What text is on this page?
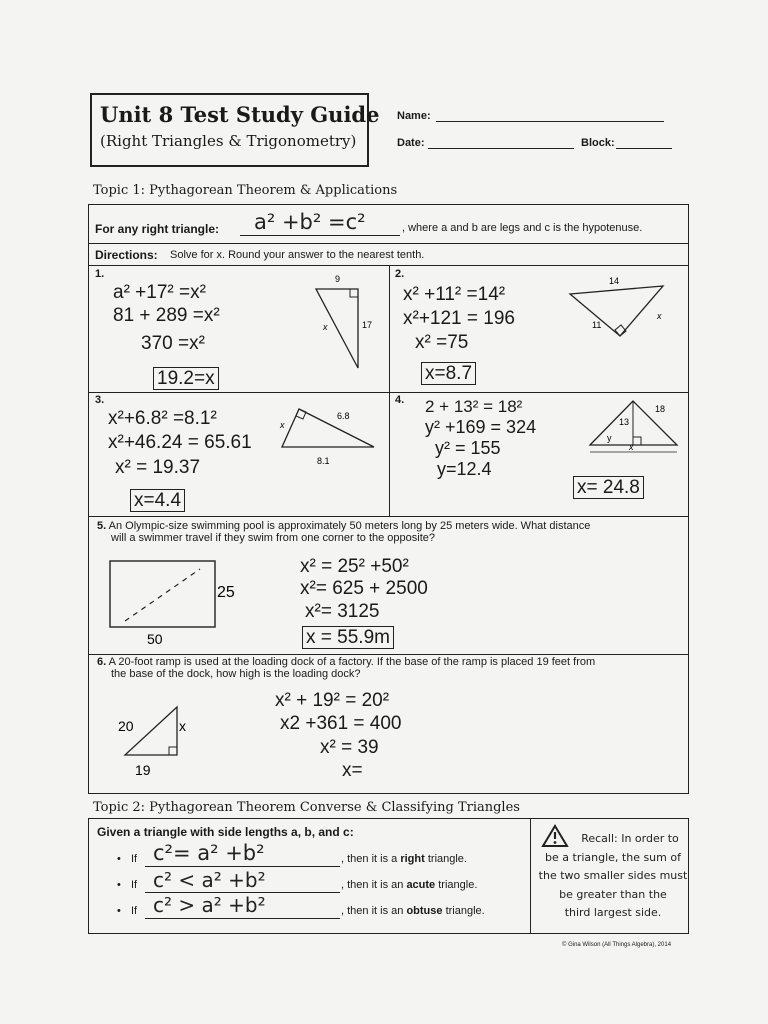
Unit 8 Test Study Guide
(Right Triangles & Trigonometry)
Name:
Date:	Block:
Topic 1: Pythagorean Theorem & Applications
For any right triangle: a² +b² =c²	, where a and b are legs and c is the hypotenuse.
Directions: Solve for x. Round your answer to the nearest tenth.
1.
a² +17² =x²
81 + 289 =x²
370 =x²
19.2=x
9
x	17
2.
x² +11² =14²
x²+121 = 196
x² =75
x=8.7
14
11
x
3.
x²+6.8² =8.1²
x²+46.24 = 65.61
x² = 19.37
x=4.4
x
6.8
8.1
4. 2 + 13² = 18²
y² +169 = 324
y² = 155
y=12.4
x= 24.8
13
18
y
x
5. An Olympic-size swimming pool is approximately 50 meters long by 25 meters wide. What distance
will a swimmer travel if they swim from one corner to the opposite?
25
50
x² = 25² +50²
x²= 625 + 2500
x²= 3125
x = 55.9m
6. A 20-foot ramp is used at the loading dock of a factory. If the base of the ramp is placed 19 feet from
the base of the dock, how high is the loading dock?
20	x
19
x² + 19² = 20²
x2 +361 = 400
x² = 39
x=
Topic 2: Pythagorean Theorem Converse & Classifying Triangles
Given a triangle with side lengths a, b, and c:
• If c²= a² +b²	, then it is a right triangle.
• If c² < a² +b²	, then it is an acute triangle.
• If c² > a² +b²	, then it is an obtuse triangle.
Recall: In order to
be a triangle, the sum of
the two smaller sides must
be greater than the
third largest side.
© Gina Wilson (All Things Algebra), 2014
